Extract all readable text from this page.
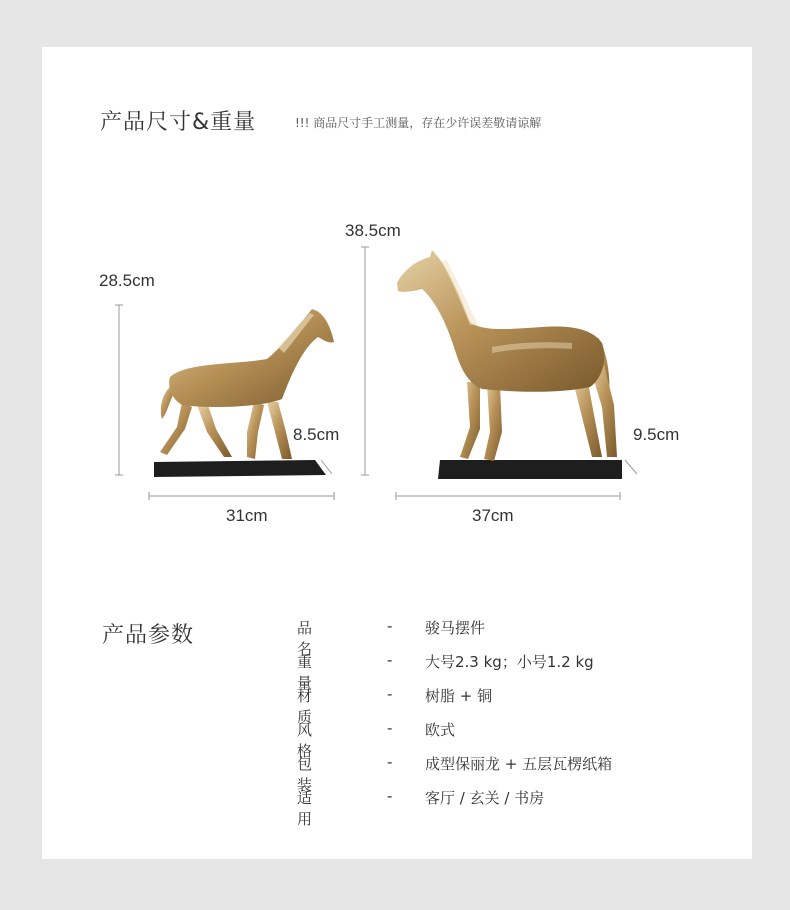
产品尺寸&重量	!!! 商品尺寸手工测量，存在少许误差敬请谅解
28.5cm
8.5cm
31cm
38.5cm
9.5cm
37cm
产品参数	品名
- 骏马摆件
重量
- 大号2.3 kg；小号1.2 kg
材质
- 树脂 + 铜
风格
- 欧式
包装
- 成型保丽龙 + 五层瓦楞纸箱
适用
- 客厅 / 玄关 / 书房
